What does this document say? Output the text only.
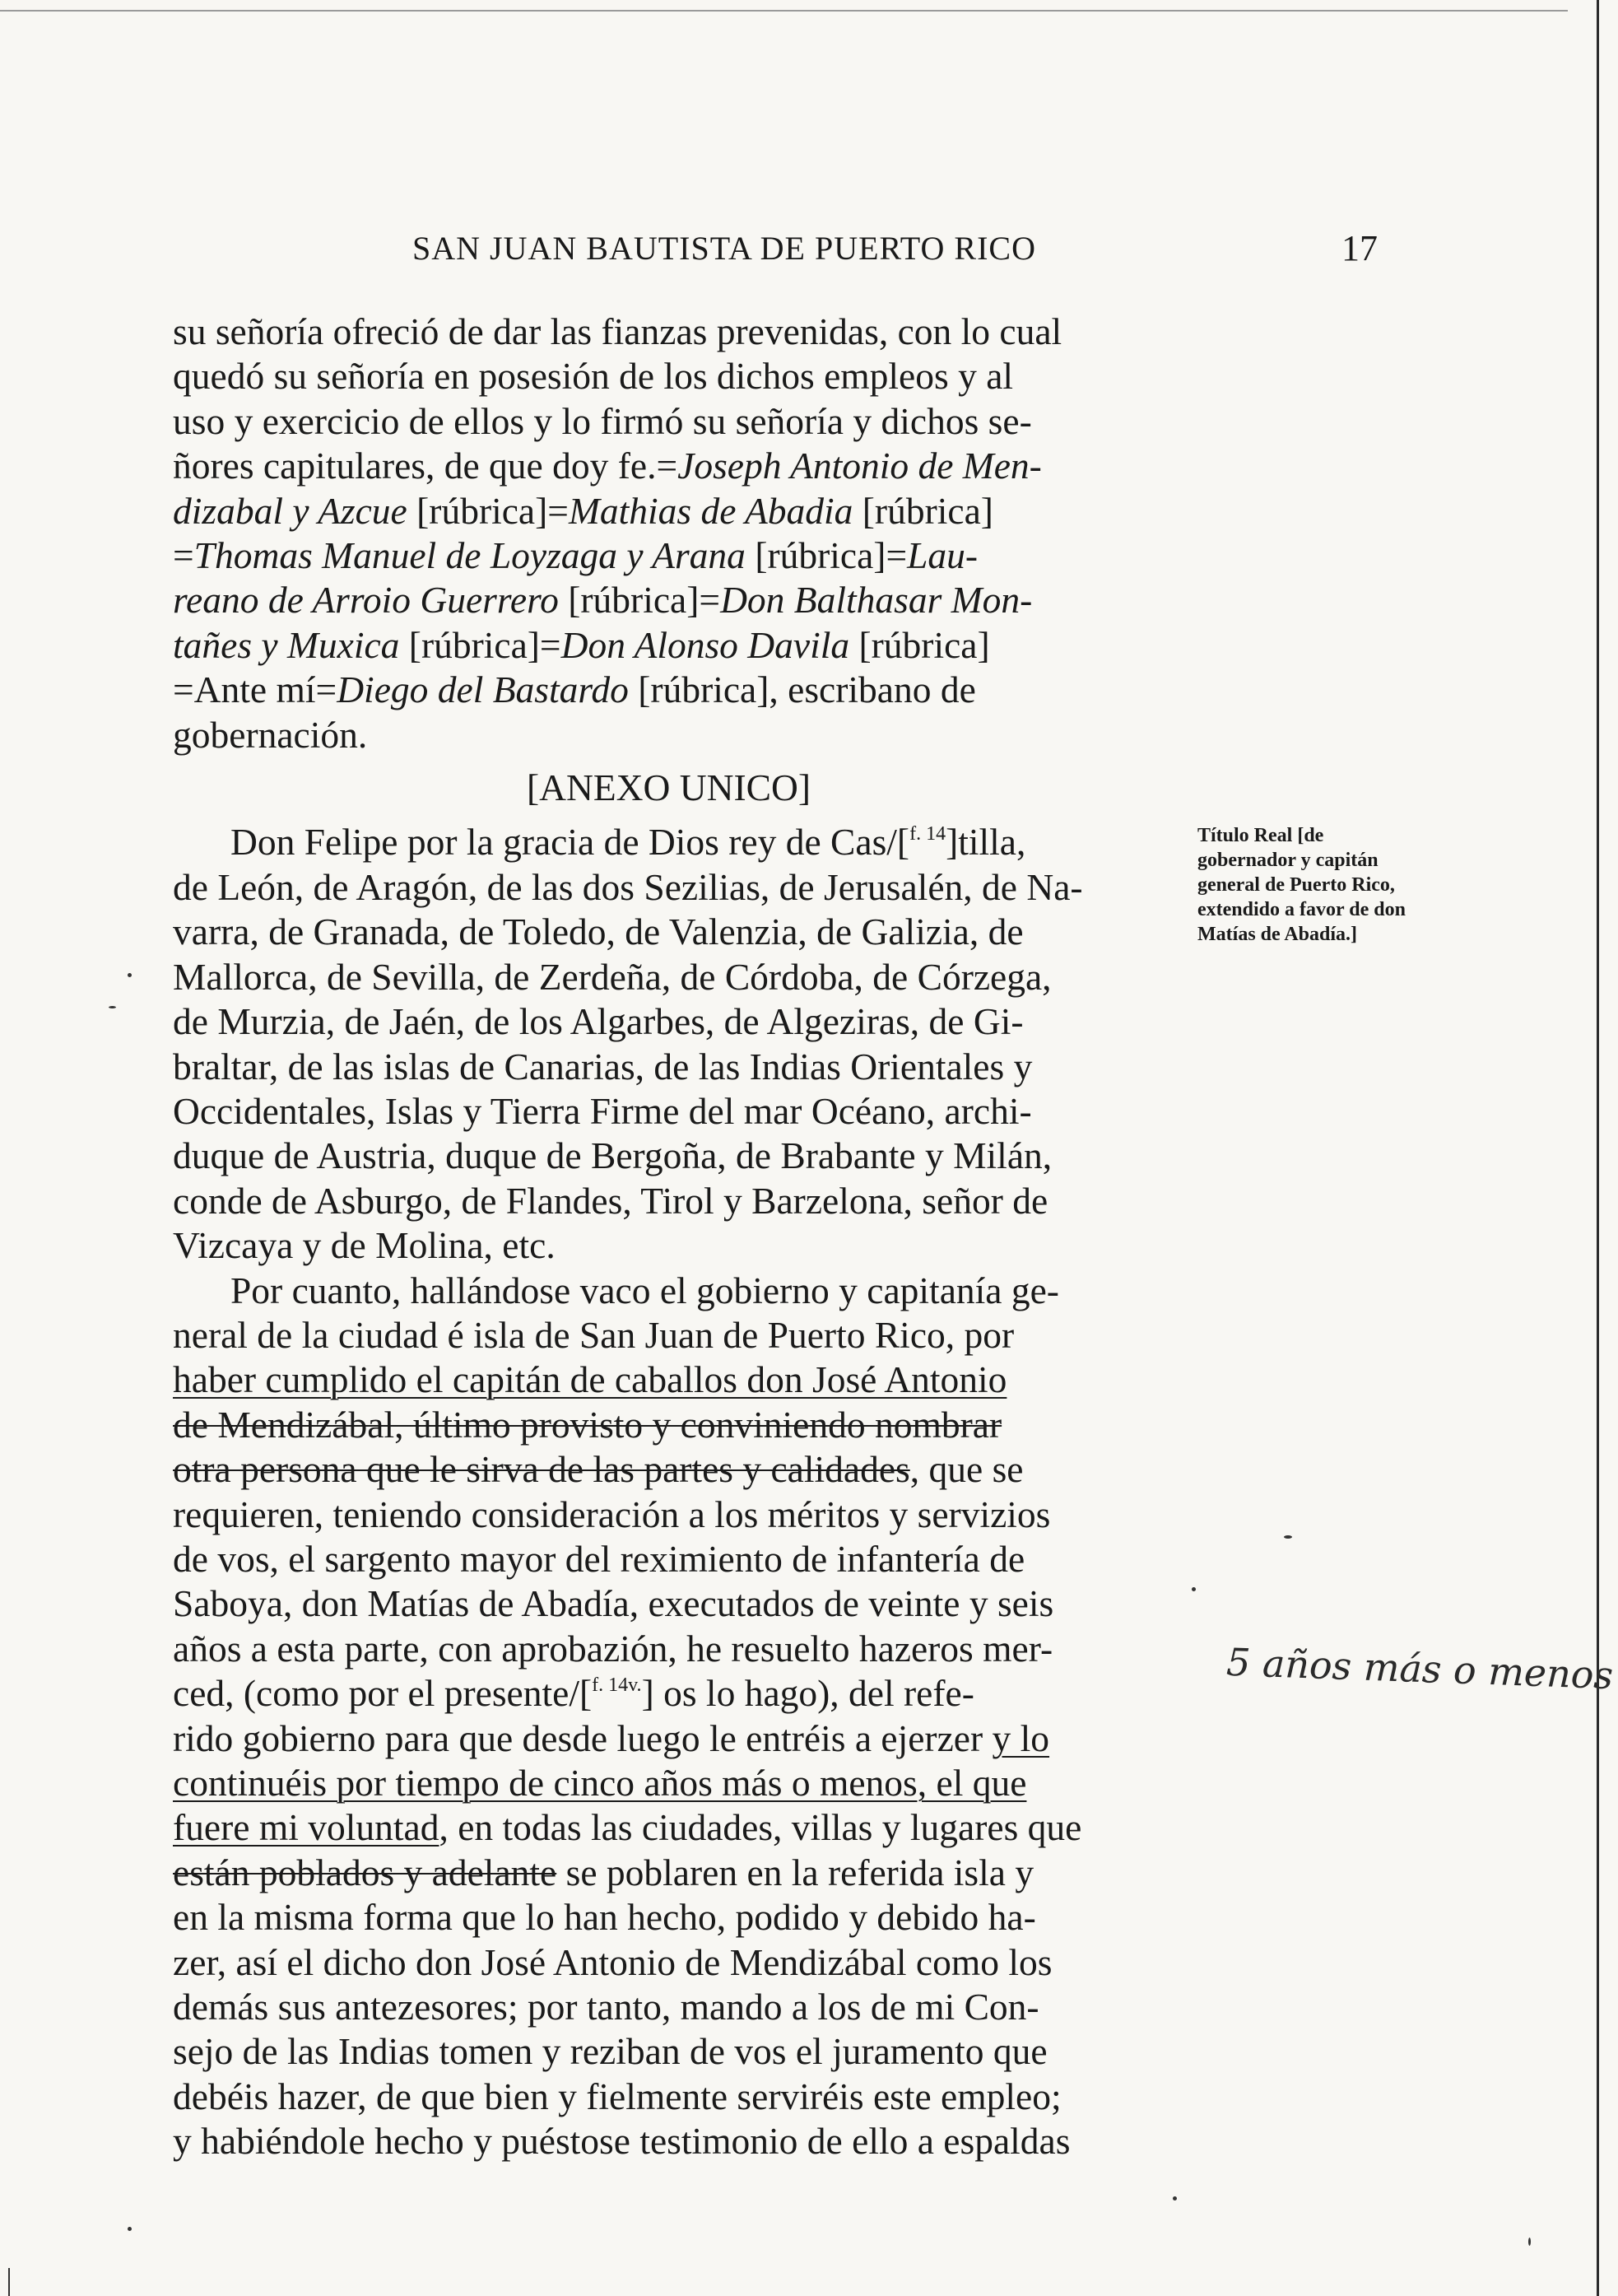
SAN JUAN BAUTISTA DE PUERTO RICO	17
su señoría ofreció de dar las fianzas prevenidas, con lo cual
quedó su señoría en posesión de los dichos empleos y al
uso y exercicio de ellos y lo firmó su señoría y dichos se-
ñores capitulares, de que doy fe.=Joseph Antonio de Men-
dizabal y Azcue [rúbrica]=Mathias de Abadia [rúbrica]
=Thomas Manuel de Loyzaga y Arana [rúbrica]=Lau-
reano de Arroio Guerrero [rúbrica]=Don Balthasar Mon-
tañes y Muxica [rúbrica]=Don Alonso Davila [rúbrica]
=Ante mí=Diego del Bastardo [rúbrica], escribano de
gobernación.
[ANEXO UNICO]
Don Felipe por la gracia de Dios rey de Cas/[$^{f. 14}$]tilla,
de León, de Aragón, de las dos Sezilias, de Jerusalén, de Na-
varra, de Granada, de Toledo, de Valenzia, de Galizia, de
Mallorca, de Sevilla, de Zerdeña, de Córdoba, de Córzega,
de Murzia, de Jaén, de los Algarbes, de Algeziras, de Gi-
braltar, de las islas de Canarias, de las Indias Orientales y
Occidentales, Islas y Tierra Firme del mar Océano, archi-
duque de Austria, duque de Bergoña, de Brabante y Milán,
conde de Asburgo, de Flandes, Tirol y Barzelona, señor de
Vizcaya y de Molina, etc.
Por cuanto, hallándose vaco el gobierno y capitanía ge-
neral de la ciudad é isla de San Juan de Puerto Rico, por
haber cumplido el capitán de caballos don José Antonio
de Mendizábal, último provisto y conviniendo nombrar
otra persona que le sirva de las partes y calidades, que se
requieren, teniendo consideración a los méritos y servizios
de vos, el sargento mayor del reximiento de infantería de
Saboya, don Matías de Abadía, executados de veinte y seis
años a esta parte, con aprobazión, he resuelto hazeros mer-
ced, (como por el presente/[$^{f. 14v.}$] os lo hago), del refe-
rido gobierno para que desde luego le entréis a ejerzer y lo
continuéis por tiempo de cinco años más o menos, el que
fuere mi voluntad, en todas las ciudades, villas y lugares que
están poblados y adelante se poblaren en la referida isla y
en la misma forma que lo han hecho, podido y debido ha-
zer, así el dicho don José Antonio de Mendizábal como los
demás sus antezesores; por tanto, mando a los de mi Con-
sejo de las Indias tomen y reziban de vos el juramento que
debéis hazer, de que bien y fielmente serviréis este empleo;
y habiéndole hecho y puéstose testimonio de ello a espaldas
Título Real [de gobernador y capitán general de Puerto Rico, extendido a favor de don Matías de Abadía.]
5 años más o menos
